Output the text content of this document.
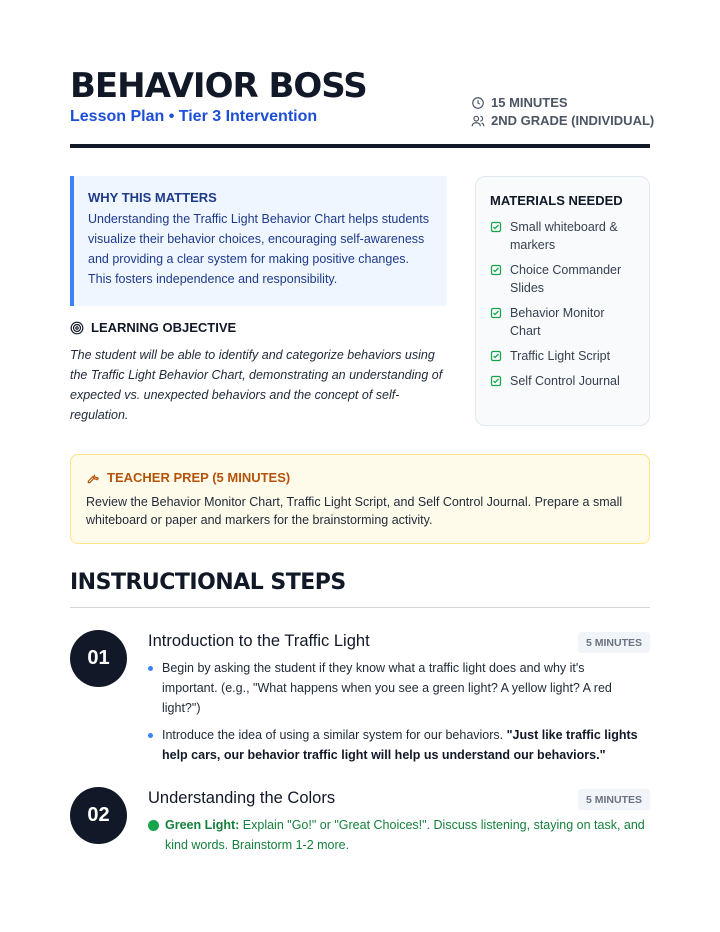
BEHAVIOR BOSS
Lesson Plan • Tier 3 Intervention
15 MINUTES
2ND GRADE (INDIVIDUAL)
WHY THIS MATTERS
Understanding the Traffic Light Behavior Chart helps students visualize their behavior choices, encouraging self-awareness and providing a clear system for making positive changes. This fosters independence and responsibility.
LEARNING OBJECTIVE
The student will be able to identify and categorize behaviors using the Traffic Light Behavior Chart, demonstrating an understanding of expected vs. unexpected behaviors and the concept of self-regulation.
MATERIALS NEEDED
Small whiteboard & markers
Choice Commander Slides
Behavior Monitor Chart
Traffic Light Script
Self Control Journal
TEACHER PREP (5 MINUTES)
Review the Behavior Monitor Chart, Traffic Light Script, and Self Control Journal. Prepare a small whiteboard or paper and markers for the brainstorming activity.
INSTRUCTIONAL STEPS
01
Introduction to the Traffic Light	5 MINUTES
Begin by asking the student if they know what a traffic light does and why it's important. (e.g., "What happens when you see a green light? A yellow light? A red light?")
Introduce the idea of using a similar system for our behaviors. "Just like traffic lights help cars, our behavior traffic light will help us understand our behaviors."
02
Understanding the Colors	5 MINUTES
Green Light: Explain "Go!" or "Great Choices!". Discuss listening, staying on task, and kind words. Brainstorm 1-2 more.
